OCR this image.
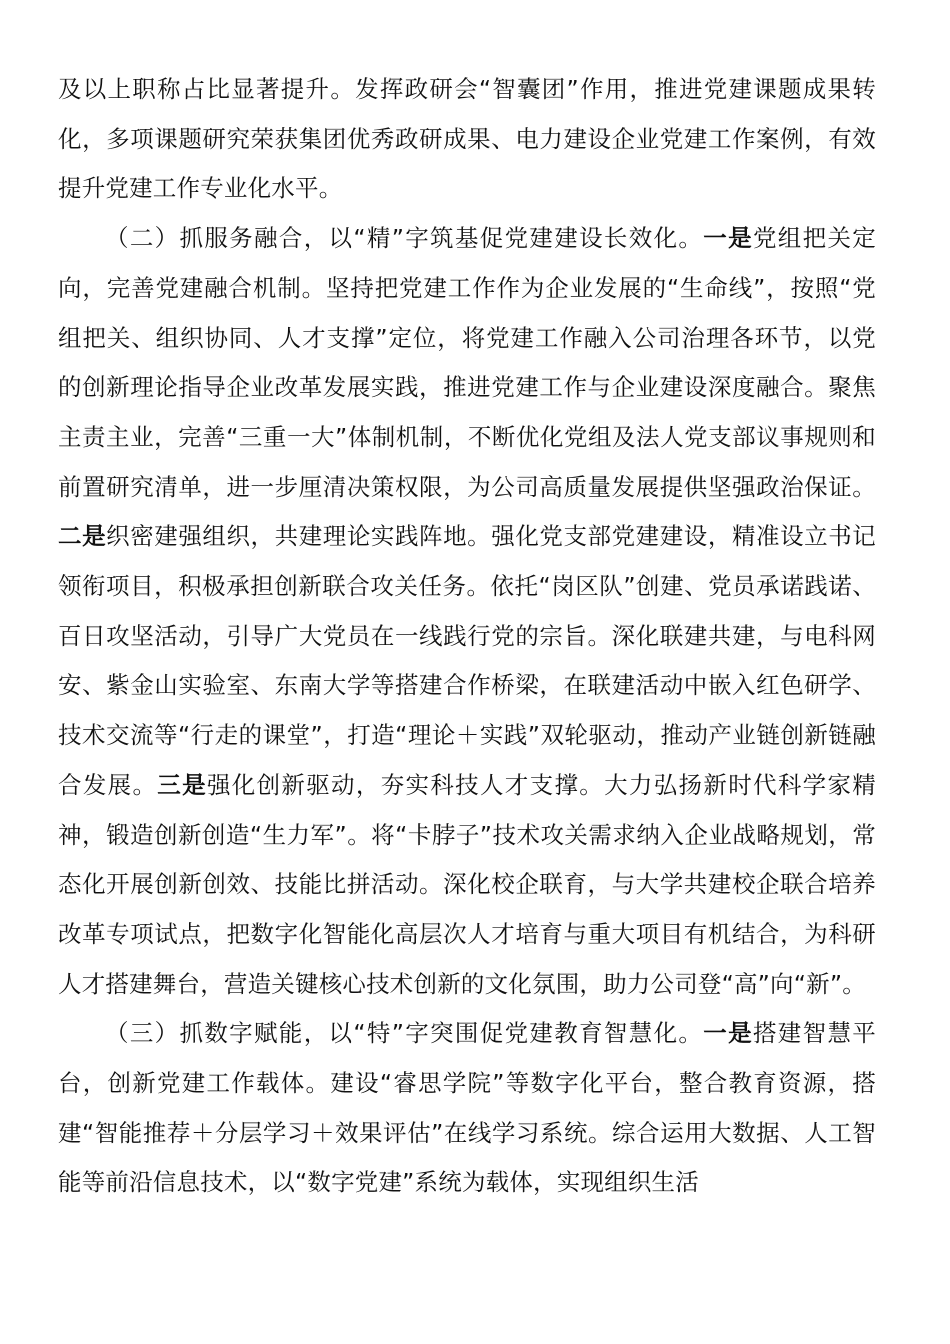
及以上职称占比显著提升。发挥政研会“智囊团”作用，推进党建课题成果转化，多项课题研究荣获集团优秀政研成果、电力建设企业党建工作案例，有效提升党建工作专业化水平。

（二）抓服务融合，以“精”字筑基促党建建设长效化。一是党组把关定向，完善党建融合机制。坚持把党建工作作为企业发展的“生命线”，按照“党组把关、组织协同、人才支撑”定位，将党建工作融入公司治理各环节，以党的创新理论指导企业改革发展实践，推进党建工作与企业建设深度融合。聚焦主责主业，完善“三重一大”体制机制，不断优化党组及法人党支部议事规则和前置研究清单，进一步厘清决策权限，为公司高质量发展提供坚强政治保证。二是织密建强组织，共建理论实践阵地。强化党支部党建建设，精准设立书记领衔项目，积极承担创新联合攻关任务。依托“岗区队”创建、党员承诺践诺、百日攻坚活动，引导广大党员在一线践行党的宗旨。深化联建共建，与电科网安、紫金山实验室、东南大学等搭建合作桥梁，在联建活动中嵌入红色研学、技术交流等“行走的课堂”，打造“理论＋实践”双轮驱动，推动产业链创新链融合发展。三是强化创新驱动，夯实科技人才支撑。大力弘扬新时代科学家精神，锻造创新创造“生力军”。将“卡脖子”技术攻关需求纳入企业战略规划，常态化开展创新创效、技能比拼活动。深化校企联育，与大学共建校企联合培养改革专项试点，把数字化智能化高层次人才培育与重大项目有机结合，为科研人才搭建舞台，营造关键核心技术创新的文化氛围，助力公司登“高”向“新”。

（三）抓数字赋能，以“特”字突围促党建教育智慧化。一是搭建智慧平台，创新党建工作载体。建设“睿思学院”等数字化平台，整合教育资源，搭建“智能推荐＋分层学习＋效果评估”在线学习系统。综合运用大数据、人工智能等前沿信息技术，以“数字党建”系统为载体，实现组织生活
